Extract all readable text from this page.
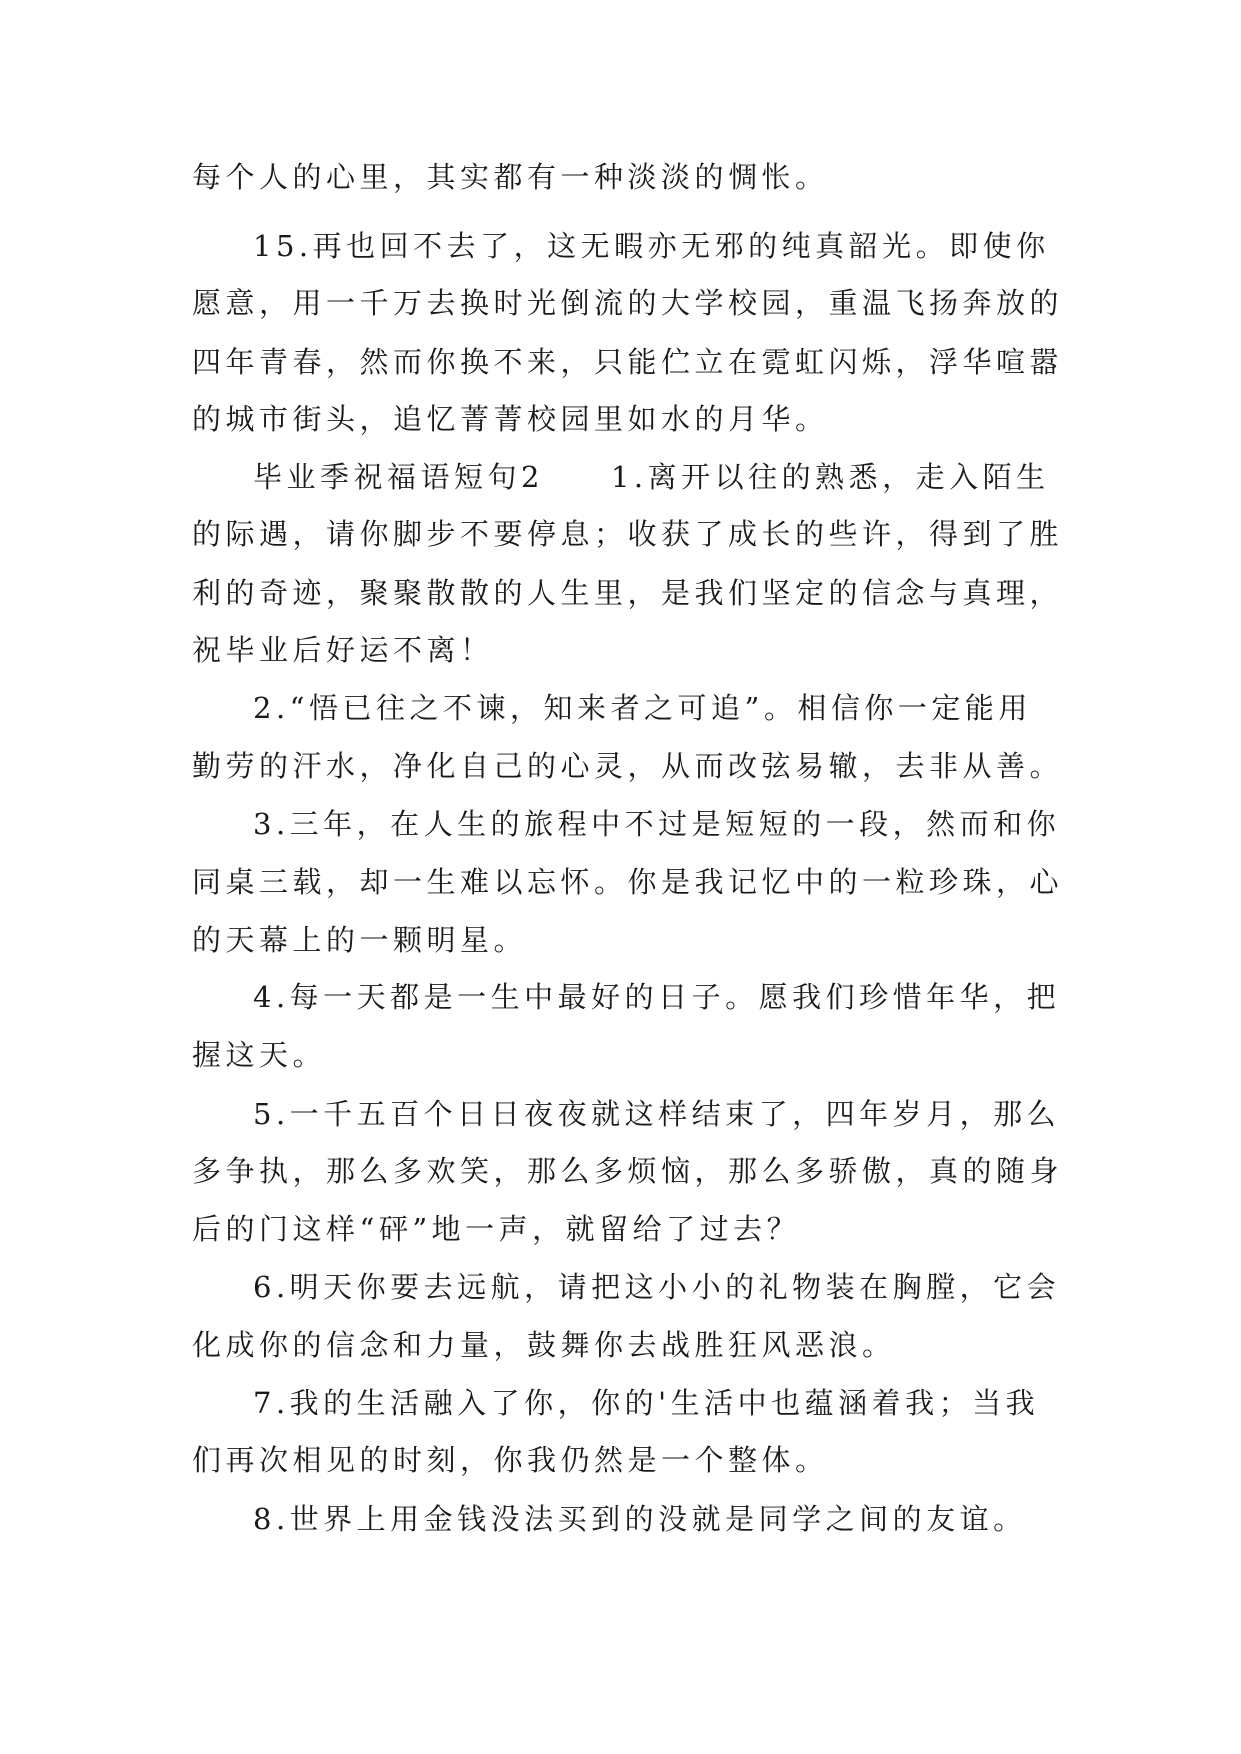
每个人的心里，其实都有一种淡淡的惆怅。
15.再也回不去了，这无暇亦无邪的纯真韶光。即使你
愿意，用一千万去换时光倒流的大学校园，重温飞扬奔放的
四年青春，然而你换不来，只能伫立在霓虹闪烁，浮华喧嚣
的城市街头，追忆菁菁校园里如水的月华。
毕业季祝福语短句2　　1.离开以往的熟悉，走入陌生
的际遇，请你脚步不要停息；收获了成长的些许，得到了胜
利的奇迹，聚聚散散的人生里，是我们坚定的信念与真理，
祝毕业后好运不离！
2.“悟已往之不谏，知来者之可追”。相信你一定能用
勤劳的汗水，净化自己的心灵，从而改弦易辙，去非从善。
3.三年，在人生的旅程中不过是短短的一段，然而和你
同桌三载，却一生难以忘怀。你是我记忆中的一粒珍珠，心
的天幕上的一颗明星。
4.每一天都是一生中最好的日子。愿我们珍惜年华，把
握这天。
5.一千五百个日日夜夜就这样结束了，四年岁月，那么
多争执，那么多欢笑，那么多烦恼，那么多骄傲，真的随身
后的门这样“砰”地一声，就留给了过去？
6.明天你要去远航，请把这小小的礼物装在胸膛，它会
化成你的信念和力量，鼓舞你去战胜狂风恶浪。
7.我的生活融入了你，你的'生活中也蕴涵着我；当我
们再次相见的时刻，你我仍然是一个整体。
8.世界上用金钱没法买到的没就是同学之间的友谊。
